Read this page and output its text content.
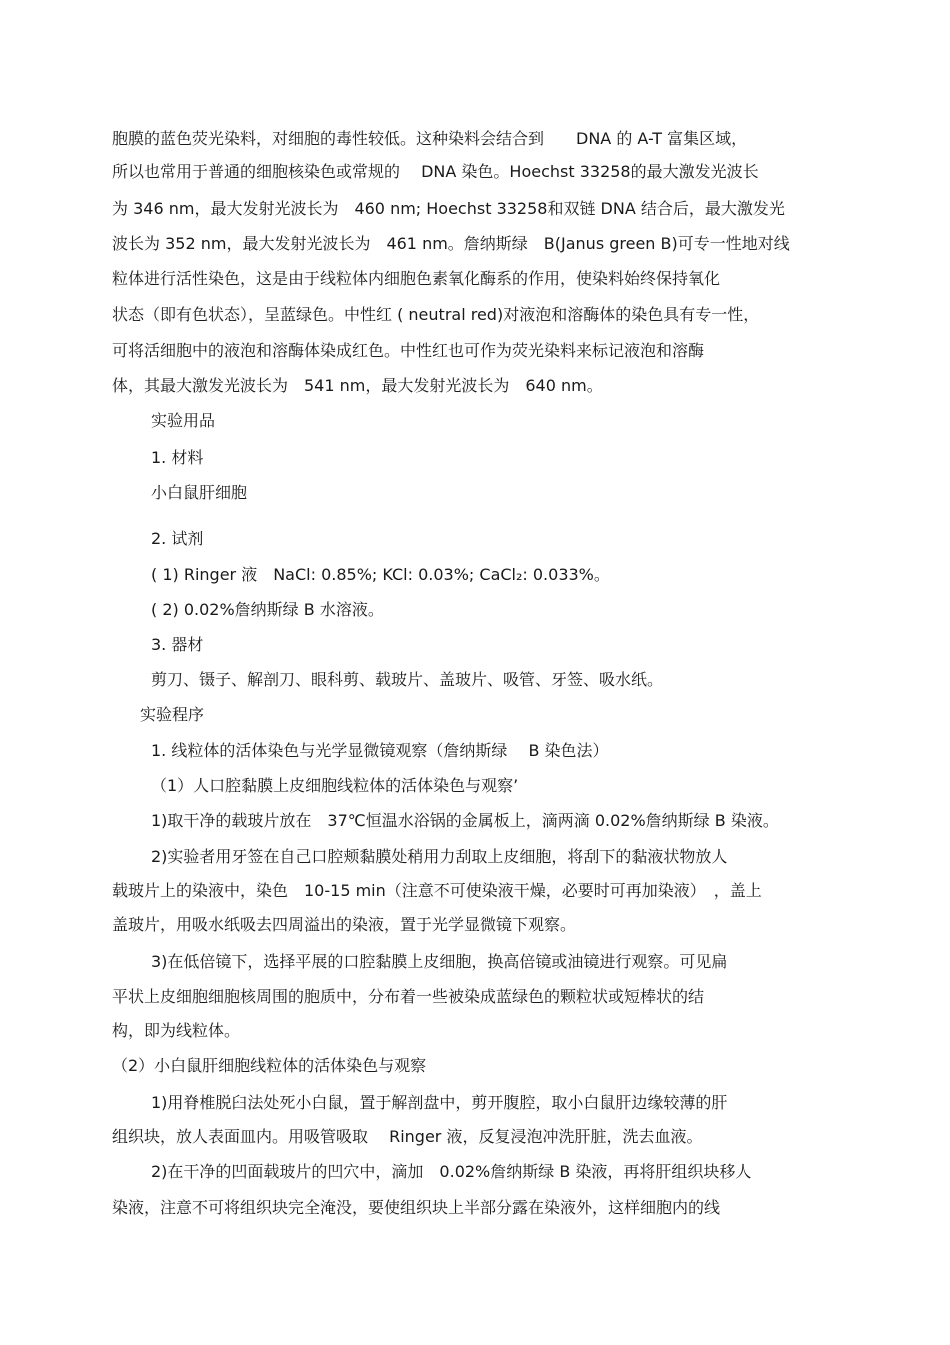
胞膜的蓝色荧光染料，对细胞的毒性较低。这种染料会结合到　　DNA 的 A-T 富集区域，
所以也常用于普通的细胞核染色或常规的　 DNA 染色。Hoechst 33258的最大激发光波长
为 346 nm，最大发射光波长为　460 nm; Hoechst 33258和双链 DNA 结合后，最大激发光
波长为 352 nm，最大发射光波长为　461 nm。詹纳斯绿　B(Janus green B)可专一性地对线
粒体进行活性染色，这是由于线粒体内细胞色素氧化酶系的作用，使染料始终保持氧化
状态（即有色状态），呈蓝绿色。中性红 ( neutral red)对液泡和溶酶体的染色具有专一性，
可将活细胞中的液泡和溶酶体染成红色。中性红也可作为荧光染料来标记液泡和溶酶
体，其最大激发光波长为　541 nm，最大发射光波长为　640 nm。
实验用品
1. 材料
小白鼠肝细胞
2. 试剂
( 1) Ringer 液　NaCl: 0.85%; KCl: 0.03%; CaCl₂: 0.033%。
( 2) 0.02%詹纳斯绿 B 水溶液。
3. 器材
剪刀、镊子、解剖刀、眼科剪、载玻片、盖玻片、吸管、牙签、吸水纸。
实验程序
1. 线粒体的活体染色与光学显微镜观察（詹纳斯绿　 B 染色法）
（1）人口腔黏膜上皮细胞线粒体的活体染色与观察’
1)取干净的载玻片放在　37℃恒温水浴锅的金属板上，滴两滴 0.02%詹纳斯绿 B 染液。
2)实验者用牙签在自己口腔颊黏膜处稍用力刮取上皮细胞，将刮下的黏液状物放人
载玻片上的染液中，染色　10-15 min（注意不可使染液干燥，必要时可再加染液）　，盖上
盖玻片，用吸水纸吸去四周溢出的染液，置于光学显微镜下观察。
3)在低倍镜下，选择平展的口腔黏膜上皮细胞，换高倍镜或油镜进行观察。可见扁
平状上皮细胞细胞核周围的胞质中，分布着一些被染成蓝绿色的颗粒状或短棒状的结
构，即为线粒体。
（2）小白鼠肝细胞线粒体的活体染色与观察
1)用脊椎脱臼法处死小白鼠，置于解剖盘中，剪开腹腔，取小白鼠肝边缘较薄的肝
组织块，放人表面皿内。用吸管吸取　 Ringer 液，反复浸泡冲洗肝脏，洗去血液。
2)在干净的凹面载玻片的凹穴中，滴加　0.02%詹纳斯绿 B 染液，再将肝组织块移人
染液，注意不可将组织块完全淹没，要使组织块上半部分露在染液外，这样细胞内的线
